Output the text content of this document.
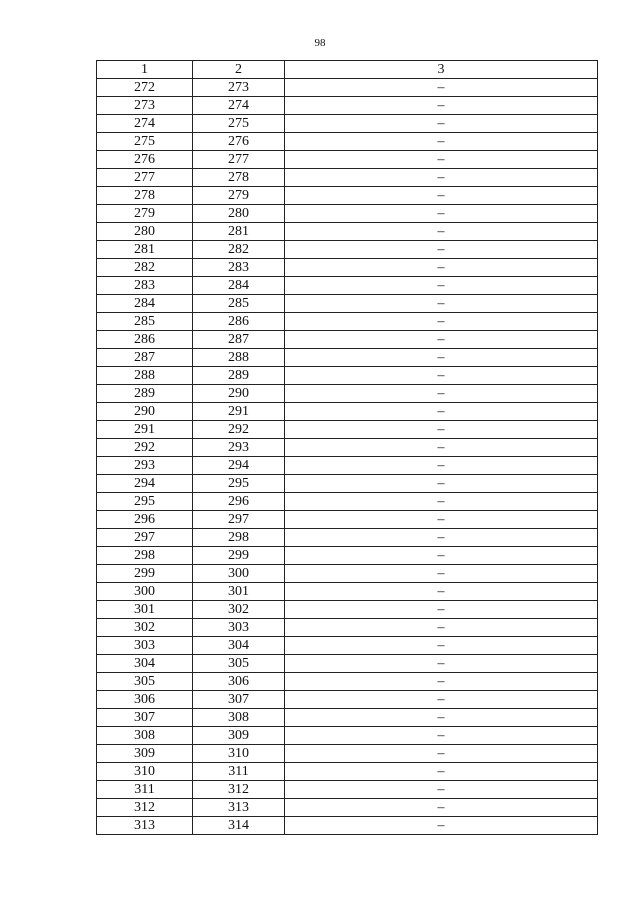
98
1	2	3
272	273	–
273	274	–
274	275	–
275	276	–
276	277	–
277	278	–
278	279	–
279	280	–
280	281	–
281	282	–
282	283	–
283	284	–
284	285	–
285	286	–
286	287	–
287	288	–
288	289	–
289	290	–
290	291	–
291	292	–
292	293	–
293	294	–
294	295	–
295	296	–
296	297	–
297	298	–
298	299	–
299	300	–
300	301	–
301	302	–
302	303	–
303	304	–
304	305	–
305	306	–
306	307	–
307	308	–
308	309	–
309	310	–
310	311	–
311	312	–
312	313	–
313	314	–
